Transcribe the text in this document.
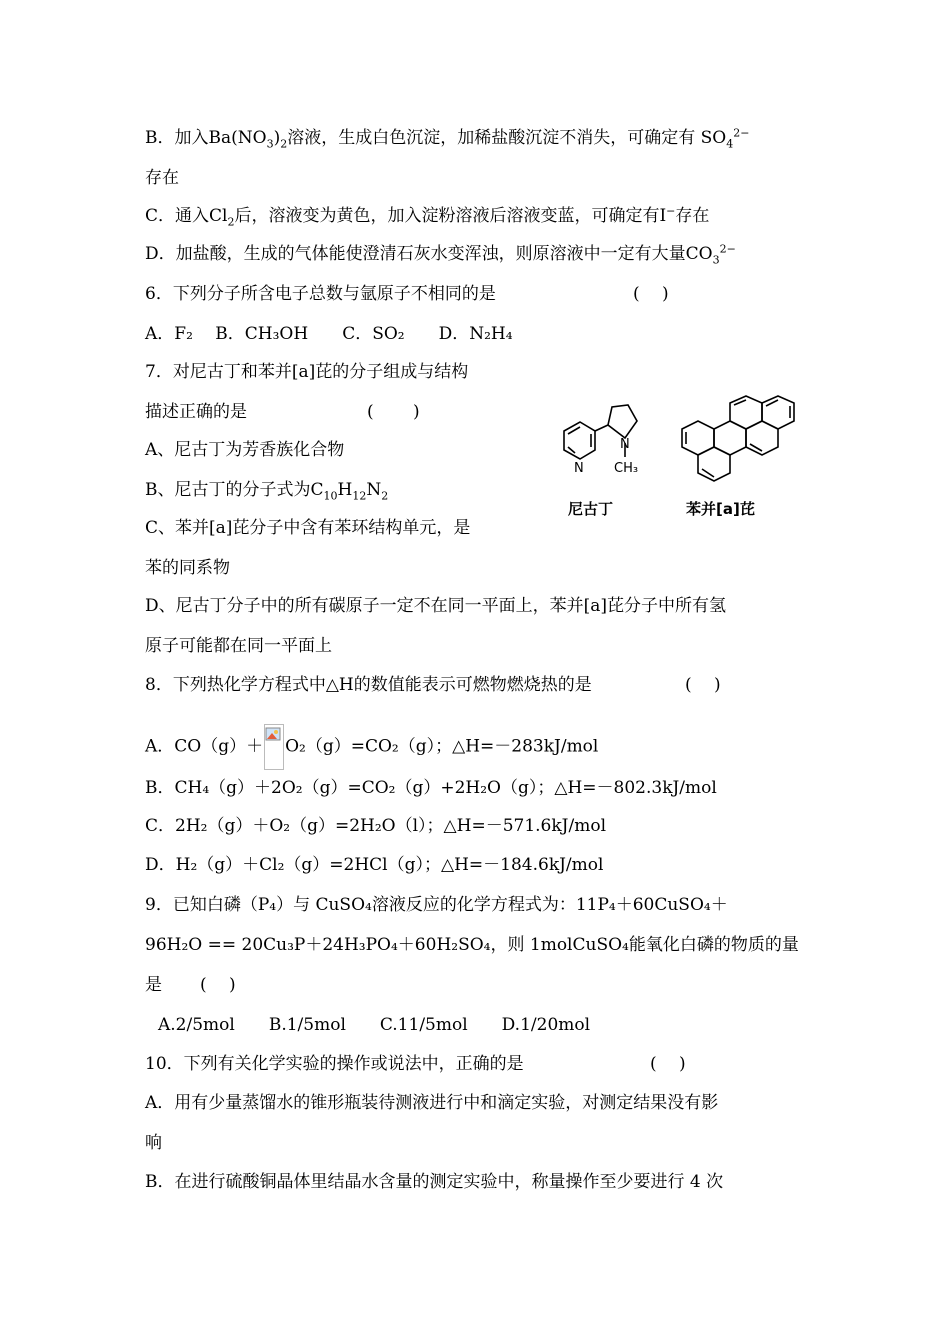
B．加入$Ba(NO_3)_2$溶液，生成白色沉淀，加稀盐酸沉淀不消失，可确定有 $SO_4^{2-}$
存在
C．通入$Cl_2$后，溶液变为黄色，加入淀粉溶液后溶液变蓝，可确定有I−存在
D．加盐酸，生成的气体能使澄清石灰水变浑浊，则原溶液中一定有大量$CO_3^{2-}$
6．下列分子所含电子总数与氩原子不相同的是	(　 )
A．F₂　 B．CH₃OH　　C．SO₂　　D．N₂H₄
7．对尼古丁和苯并[a]芘的分子组成与结构
描述正确的是	(　　 )
A、尼古丁为芳香族化合物
B、尼古丁的分子式为$C_{10}H_{12}N_2$
C、苯并[a]芘分子中含有苯环结构单元，是
苯的同系物
D、尼古丁分子中的所有碳原子一定不在同一平面上，苯并[a]芘分子中所有氢
原子可能都在同一平面上
N
N
CH₃
尼古丁	苯并[a]芘
8．下列热化学方程式中△H的数值能表示可燃物燃烧热的是	(　 )
A．CO（g）＋ O₂（g）=CO₂（g）；△H=－283kJ/mol
B．CH₄（g）＋2O₂（g）=CO₂（g）+2H₂O（g）；△H=－802.3kJ/mol
C．2H₂（g）＋O₂（g）=2H₂O（l）；△H=－571.6kJ/mol
D．H₂（g）＋Cl₂（g）=2HCl（g）；△H=－184.6kJ/mol
9．已知白磷（P₄）与 CuSO₄溶液反应的化学方程式为：11P₄＋60CuSO₄＋
96H₂O == 20Cu₃P＋24H₃PO₄＋60H₂SO₄，则 1molCuSO₄能氧化白磷的物质的量
是 (　 )
A.2/5mol　　B.1/5mol　　C.11/5mol　　D.1/20mol
10．下列有关化学实验的操作或说法中，正确的是	(　 )
A．用有少量蒸馏水的锥形瓶装待测液进行中和滴定实验，对测定结果没有影
响
B．在进行硫酸铜晶体里结晶水含量的测定实验中，称量操作至少要进行 4 次
